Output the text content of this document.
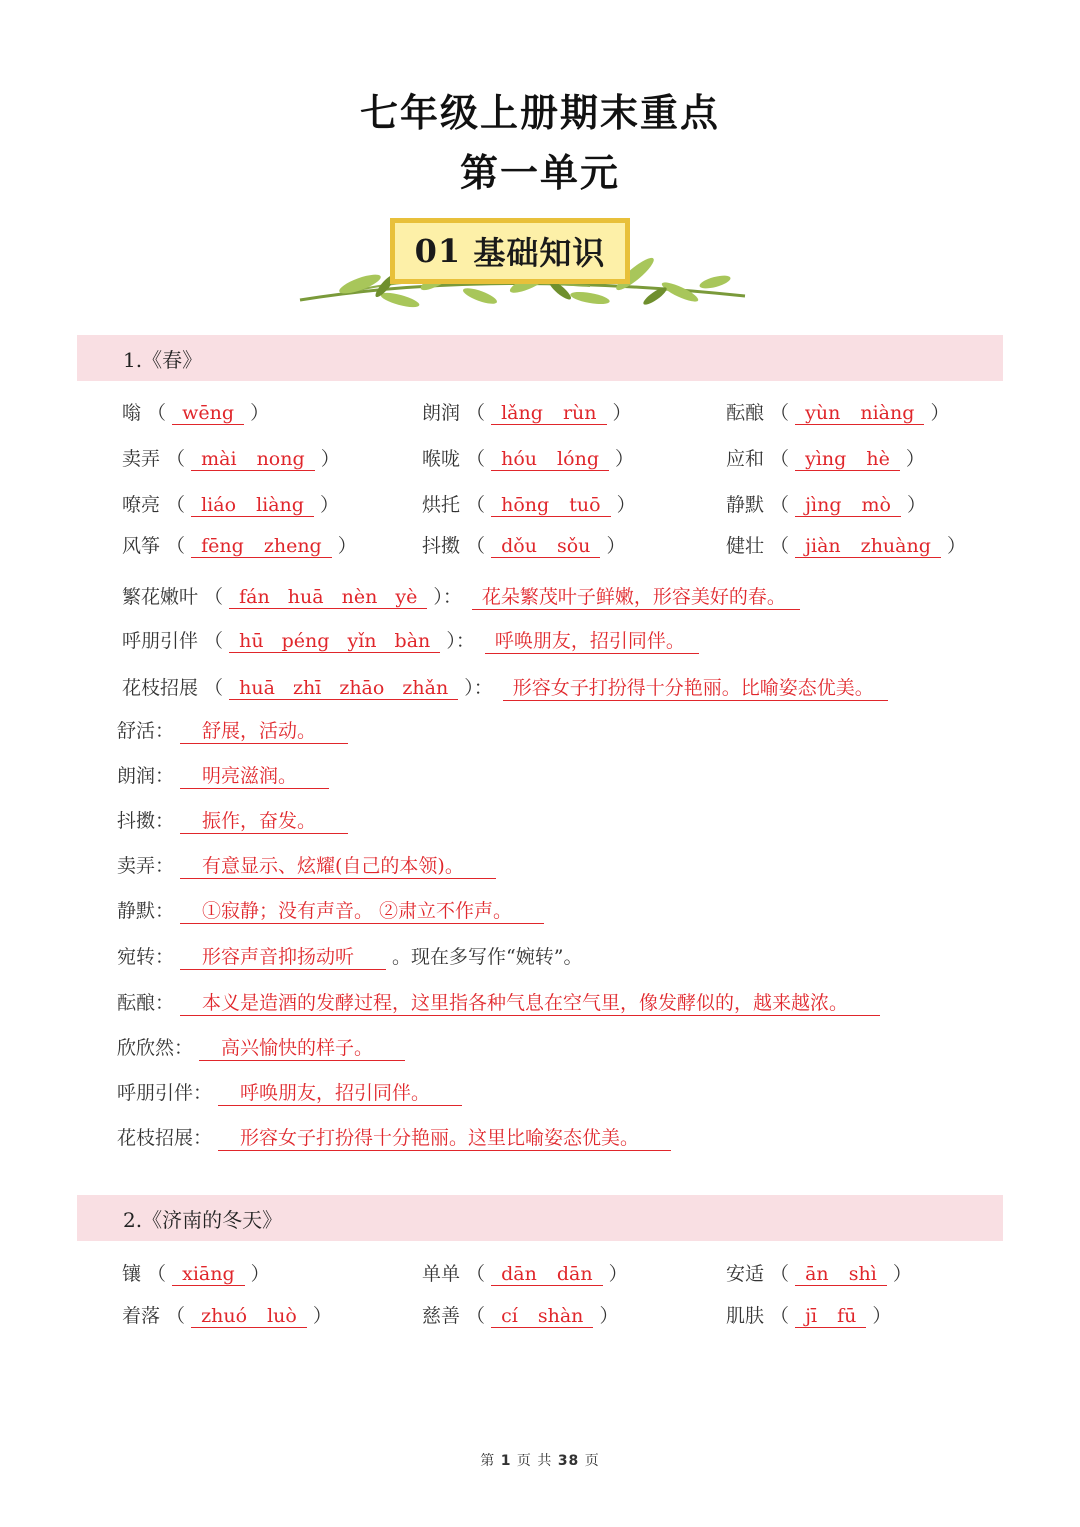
七年级上册期末重点
第一单元
01
基础知识
1.《春》
嗡 （ wēng ）	朗润 （ lǎng rùn ）	酝酿 （ yùn niàng ）
卖弄 （ mài nong ）	喉咙 （ hóu lóng ）	应和 （ yìng hè ）
嘹亮 （ liáo liàng ）	烘托 （ hōng tuō ）	静默 （ jìng mò ）
风筝 （ fēng zheng ）	抖擞 （ dǒu sǒu ）	健壮 （ jiàn zhuàng ）
繁花嫩叶 （ fán huā nèn yè ）： 花朵繁茂叶子鲜嫩，形容美好的春。
呼朋引伴 （ hū péng yǐn bàn ）： 呼唤朋友，招引同伴。
花枝招展 （ huā zhī zhāo zhǎn ）： 形容女子打扮得十分艳丽。比喻姿态优美。
舒活： 舒展，活动。
朗润： 明亮滋润。
抖擞： 振作，奋发。
卖弄： 有意显示、炫耀(自己的本领)。
静默： ①寂静；没有声音。 ②肃立不作声。
宛转： 形容声音抑扬动听 。现在多写作“婉转”。
酝酿： 本义是造酒的发酵过程，这里指各种气息在空气里，像发酵似的，越来越浓。
欣欣然： 高兴愉快的样子。
呼朋引伴： 呼唤朋友，招引同伴。
花枝招展： 形容女子打扮得十分艳丽。这里比喻姿态优美。
2.《济南的冬天》
镶 （ xiāng ）	单单 （ dān dān ）	安适 （ ān shì ）
着落 （ zhuó luò ）	慈善 （ cí shàn ）	肌肤 （ jī fū ）
第 1 页 共 38 页
